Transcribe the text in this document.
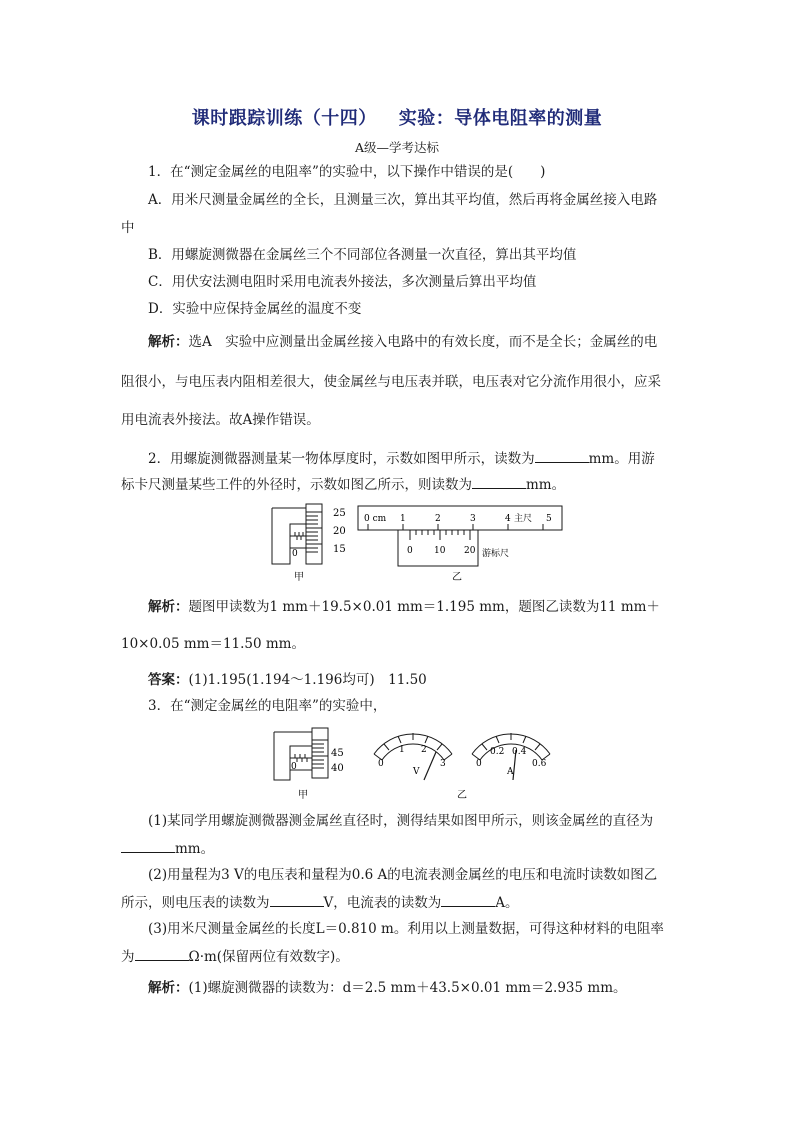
课时跟踪训练（十四） 实验：导体电阻率的测量
A级—学考达标
1．在“测定金属丝的电阻率”的实验中，以下操作中错误的是(　　)
A．用米尺测量金属丝的全长，且测量三次，算出其平均值，然后再将金属丝接入电路
中
B．用螺旋测微器在金属丝三个不同部位各测量一次直径，算出其平均值
C．用伏安法测电阻时采用电流表外接法，多次测量后算出平均值
D．实验中应保持金属丝的温度不变
解析：选A　实验中应测量出金属丝接入电路中的有效长度，而不是全长；金属丝的电
阻很小，与电压表内阻相差很大，使金属丝与电压表并联，电压表对它分流作用很小，应采
用电流表外接法。故A操作错误。
2．用螺旋测微器测量某一物体厚度时，示数如图甲所示，读数为	mm。用游
标卡尺测量某些工件的外径时，示数如图乙所示，则读数为	mm。
25
20
15
0
甲
0 cm 1	2	3	4 主尺 5
0 10 20 游标尺
乙
解析：题图甲读数为1 mm＋19.5×0.01 mm＝1.195 mm，题图乙读数为11 mm＋
10×0.05 mm＝11.50 mm。
答案：(1)1.195(1.194～1.196均可)　11.50
3．在“测定金属丝的电阻率”的实验中，
45
40
0
甲
0
1 2
3
V
0
0.2 0.4
0.6
A
乙
(1)某同学用螺旋测微器测金属丝直径时，测得结果如图甲所示，则该金属丝的直径为
mm。
(2)用量程为3 V的电压表和量程为0.6 A的电流表测金属丝的电压和电流时读数如图乙
所示，则电压表的读数为	V，电流表的读数为	A。
(3)用米尺测量金属丝的长度L＝0.810 m。利用以上测量数据，可得这种材料的电阻率
为	Ω·m(保留两位有效数字)。
解析：(1)螺旋测微器的读数为：d＝2.5 mm＋43.5×0.01 mm＝2.935 mm。
